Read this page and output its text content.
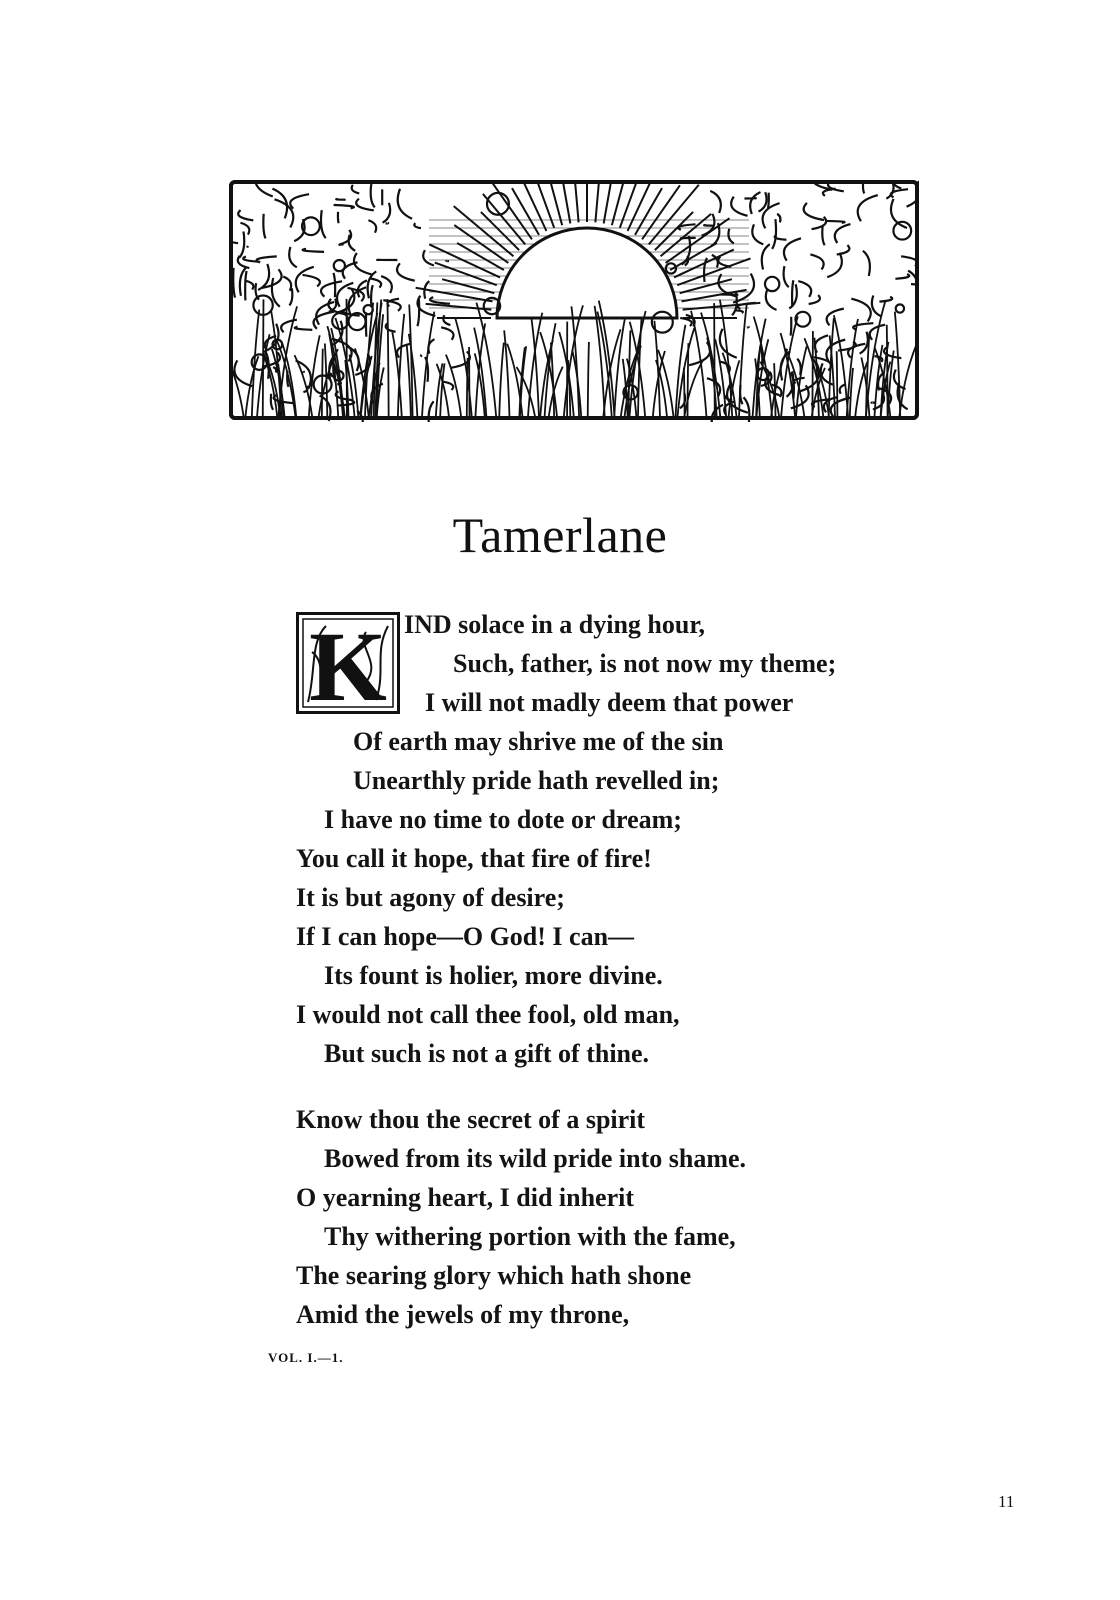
Tamerlane
K IND solace in a dying hour,
Such, father, is not now my theme;
I will not madly deem that power
Of earth may shrive me of the sin
Unearthly pride hath revelled in;
I have no time to dote or dream;
You call it hope, that fire of fire!
It is but agony of desire;
If I can hope—O God! I can—
Its fount is holier, more divine.
I would not call thee fool, old man,
But such is not a gift of thine.
Know thou the secret of a spirit
Bowed from its wild pride into shame.
O yearning heart, I did inherit
Thy withering portion with the fame,
The searing glory which hath shone
Amid the jewels of my throne,
VOL. I.—1.
11
